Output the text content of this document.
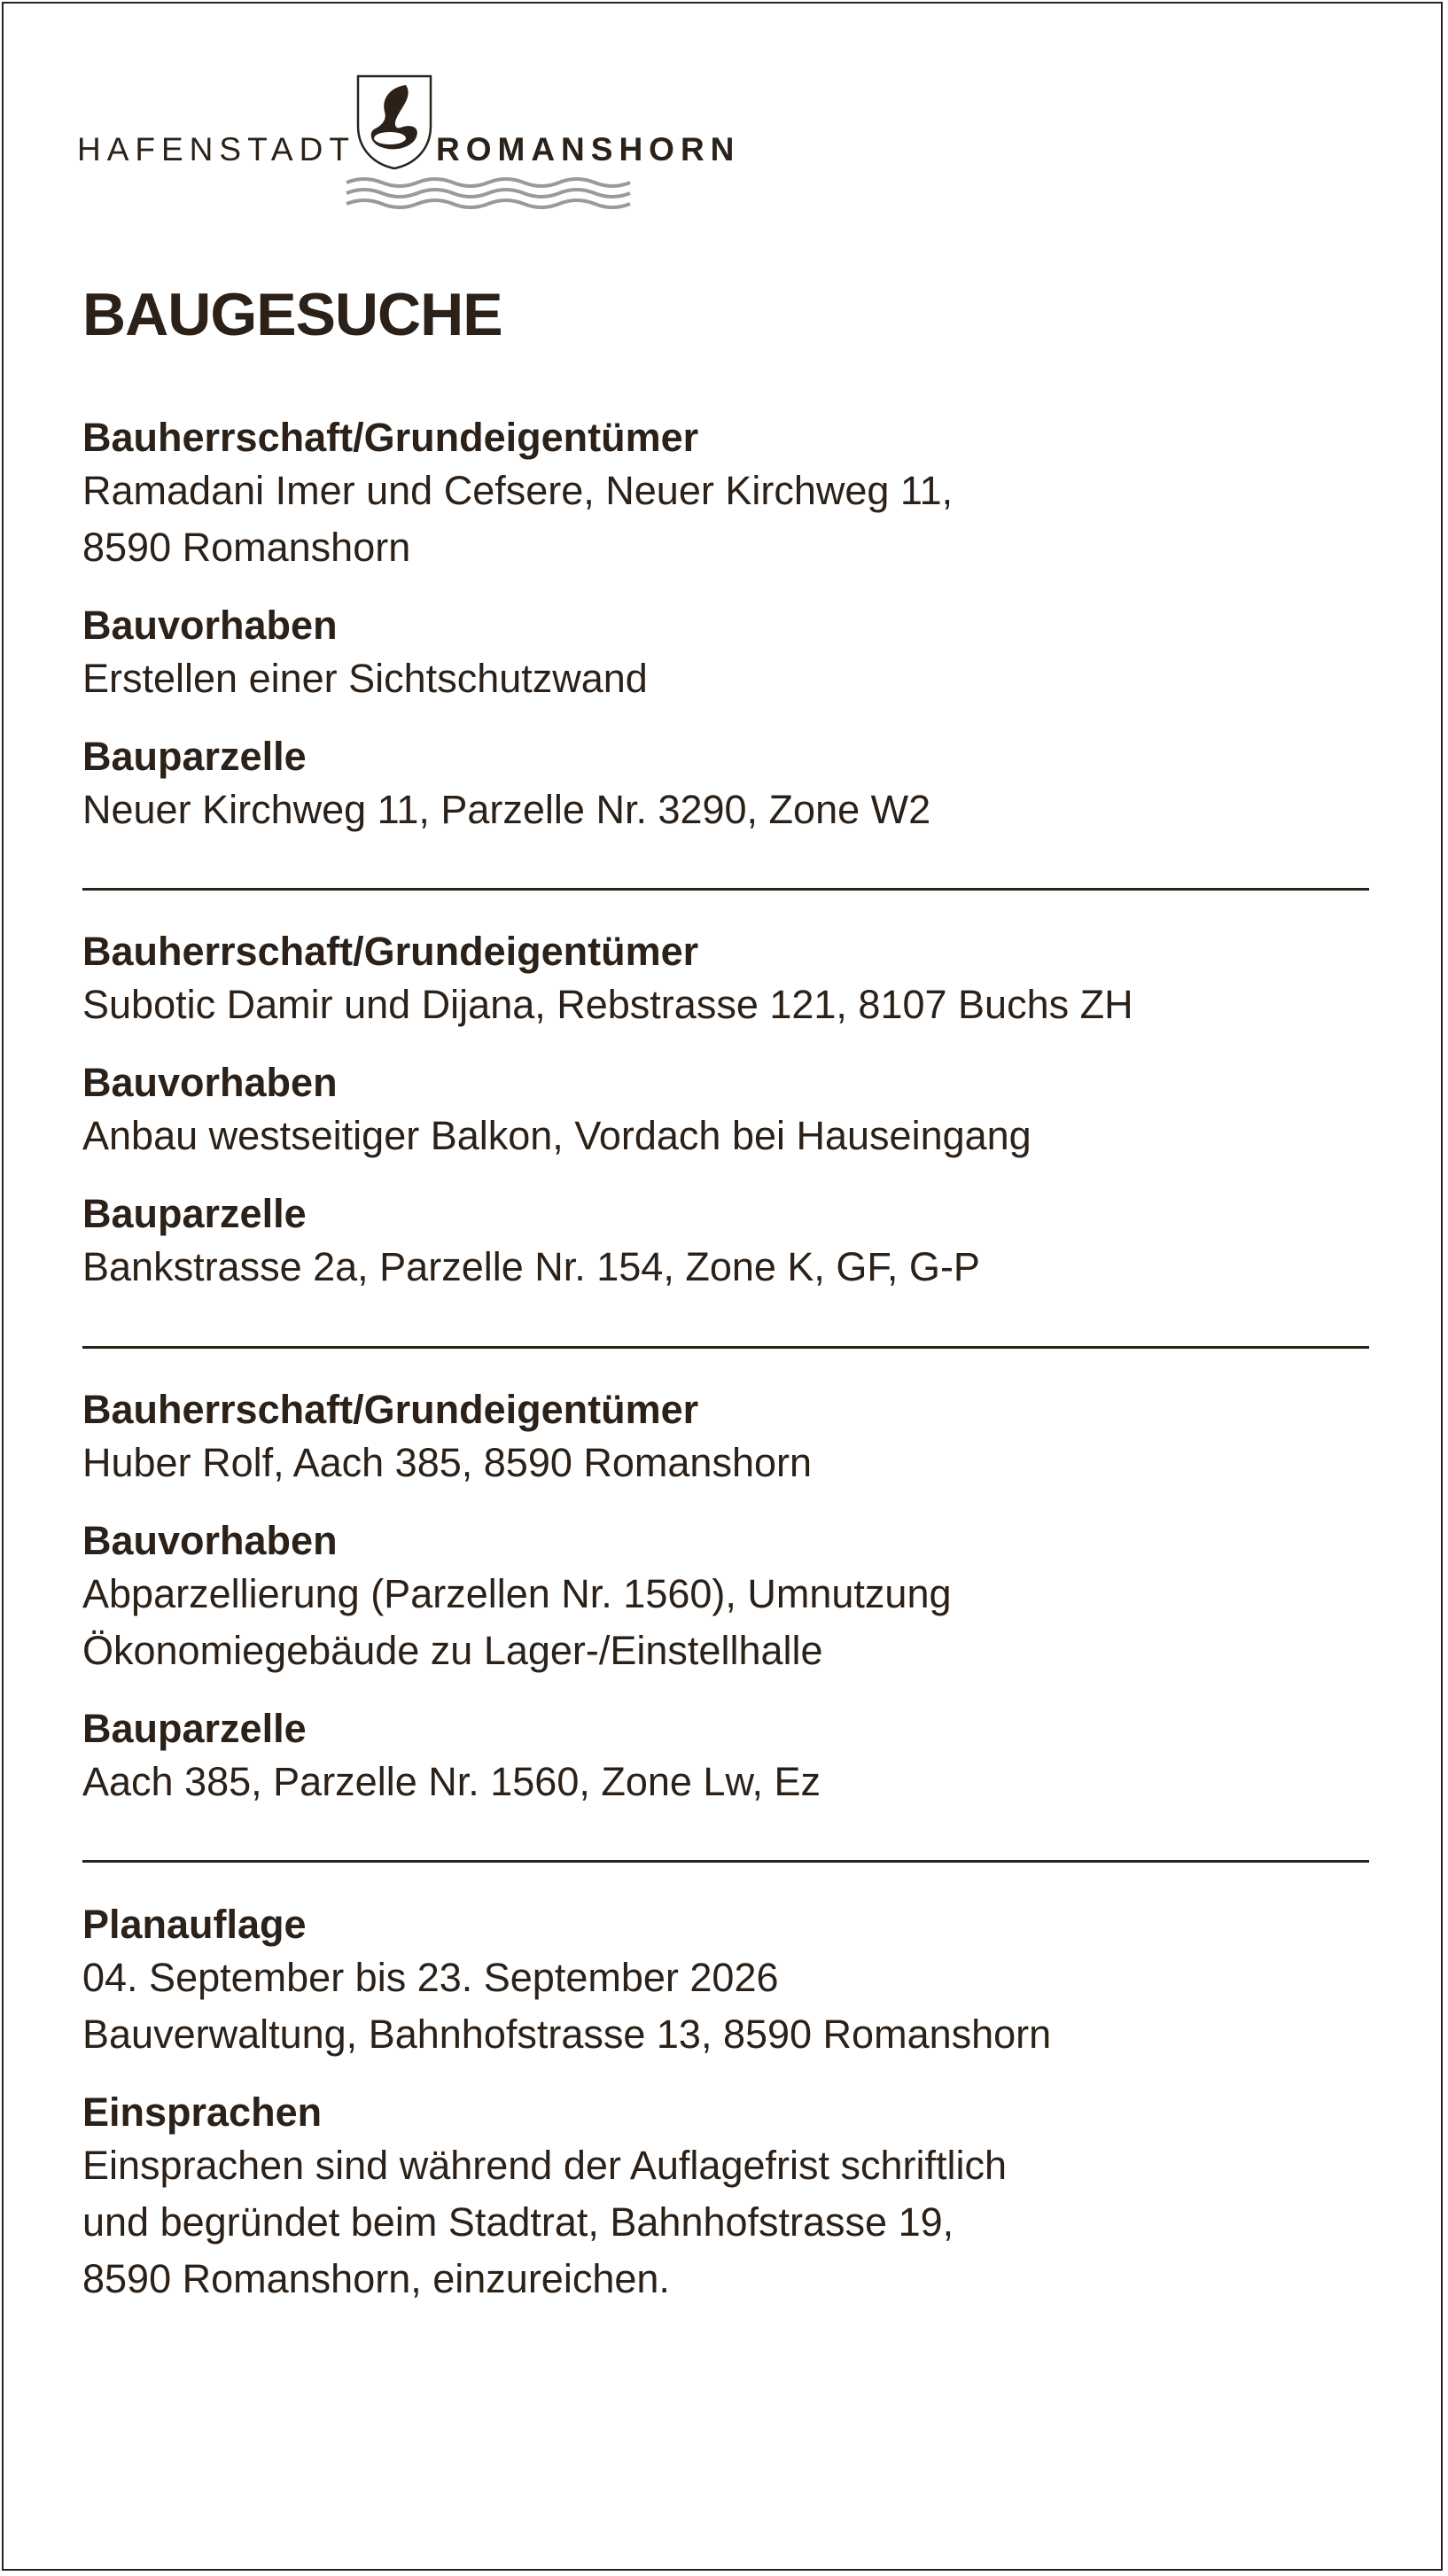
HAFENSTADT ROMANSHORN
BAUGESUCHE
Bauherrschaft/Grundeigentümer
Ramadani Imer und Cefsere, Neuer Kirchweg 11,
8590 Romanshorn
Bauvorhaben
Erstellen einer Sichtschutzwand
Bauparzelle
Neuer Kirchweg 11, Parzelle Nr. 3290, Zone W2
Bauherrschaft/Grundeigentümer
Subotic Damir und Dijana, Rebstrasse 121, 8107 Buchs ZH
Bauvorhaben
Anbau westseitiger Balkon, Vordach bei Hauseingang
Bauparzelle
Bankstrasse 2a, Parzelle Nr. 154, Zone K, GF, G-P
Bauherrschaft/Grundeigentümer
Huber Rolf, Aach 385, 8590 Romanshorn
Bauvorhaben
Abparzellierung (Parzellen Nr. 1560), Umnutzung
Ökonomiegebäude zu Lager-/Einstellhalle
Bauparzelle
Aach 385, Parzelle Nr. 1560, Zone Lw, Ez
Planauflage
04. September bis 23. September 2026
Bauverwaltung, Bahnhofstrasse 13, 8590 Romanshorn
Einsprachen
Einsprachen sind während der Auflagefrist schriftlich
und begründet beim Stadtrat, Bahnhofstrasse 19,
8590 Romanshorn, einzureichen.
